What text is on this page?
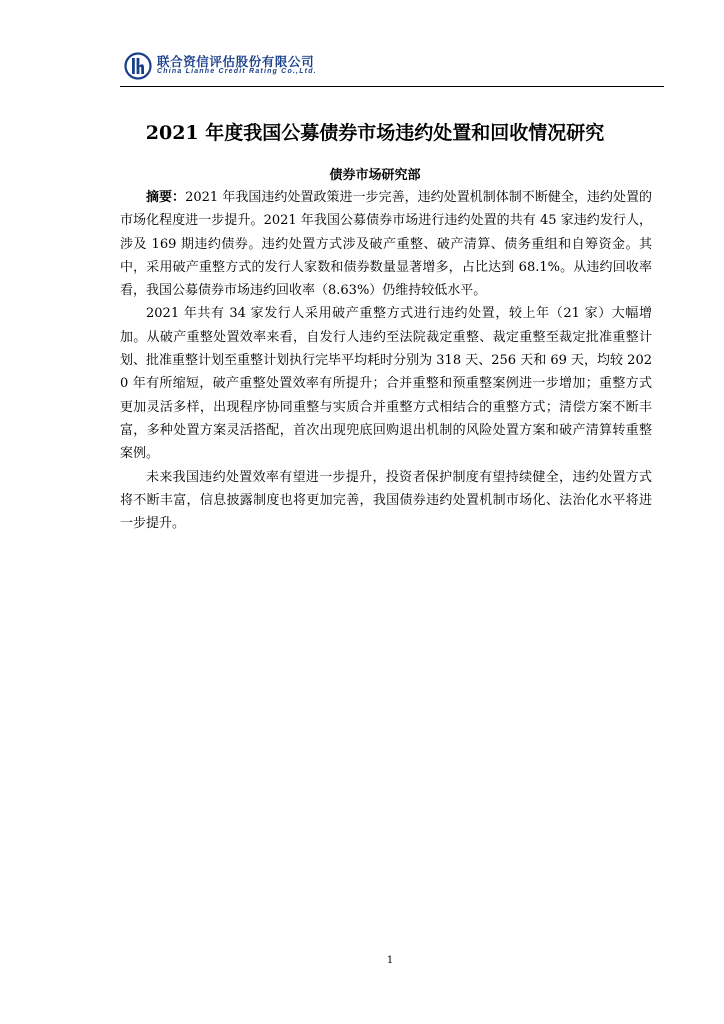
联合资信评估股份有限公司
China Lianhe Credit Rating Co.,Ltd.
2021 年度我国公募债券市场违约处置和回收情况研究
债券市场研究部

摘要：2021 年我国违约处置政策进一步完善，违约处置机制体制不断健全，违约处置的市场化程度进一步提升。2021 年我国公募债券市场进行违约处置的共有 45 家违约发行人，涉及 169 期违约债券。违约处置方式涉及破产重整、破产清算、债务重组和自筹资金。其中，采用破产重整方式的发行人家数和债券数量显著增多，占比达到 68.1%。从违约回收率看，我国公募债券市场违约回收率（8.63%）仍维持较低水平。

2021 年共有 34 家发行人采用破产重整方式进行违约处置，较上年（21 家）大幅增加。从破产重整处置效率来看，自发行人违约至法院裁定重整、裁定重整至裁定批准重整计划、批准重整计划至重整计划执行完毕平均耗时分别为 318 天、256 天和 69 天，均较 2020 年有所缩短，破产重整处置效率有所提升；合并重整和预重整案例进一步增加；重整方式更加灵活多样，出现程序协同重整与实质合并重整方式相结合的重整方式；清偿方案不断丰富，多种处置方案灵活搭配，首次出现兜底回购退出机制的风险处置方案和破产清算转重整案例。

未来我国违约处置效率有望进一步提升，投资者保护制度有望持续健全，违约处置方式将不断丰富，信息披露制度也将更加完善，我国债券违约处置机制市场化、法治化水平将进一步提升。

1
